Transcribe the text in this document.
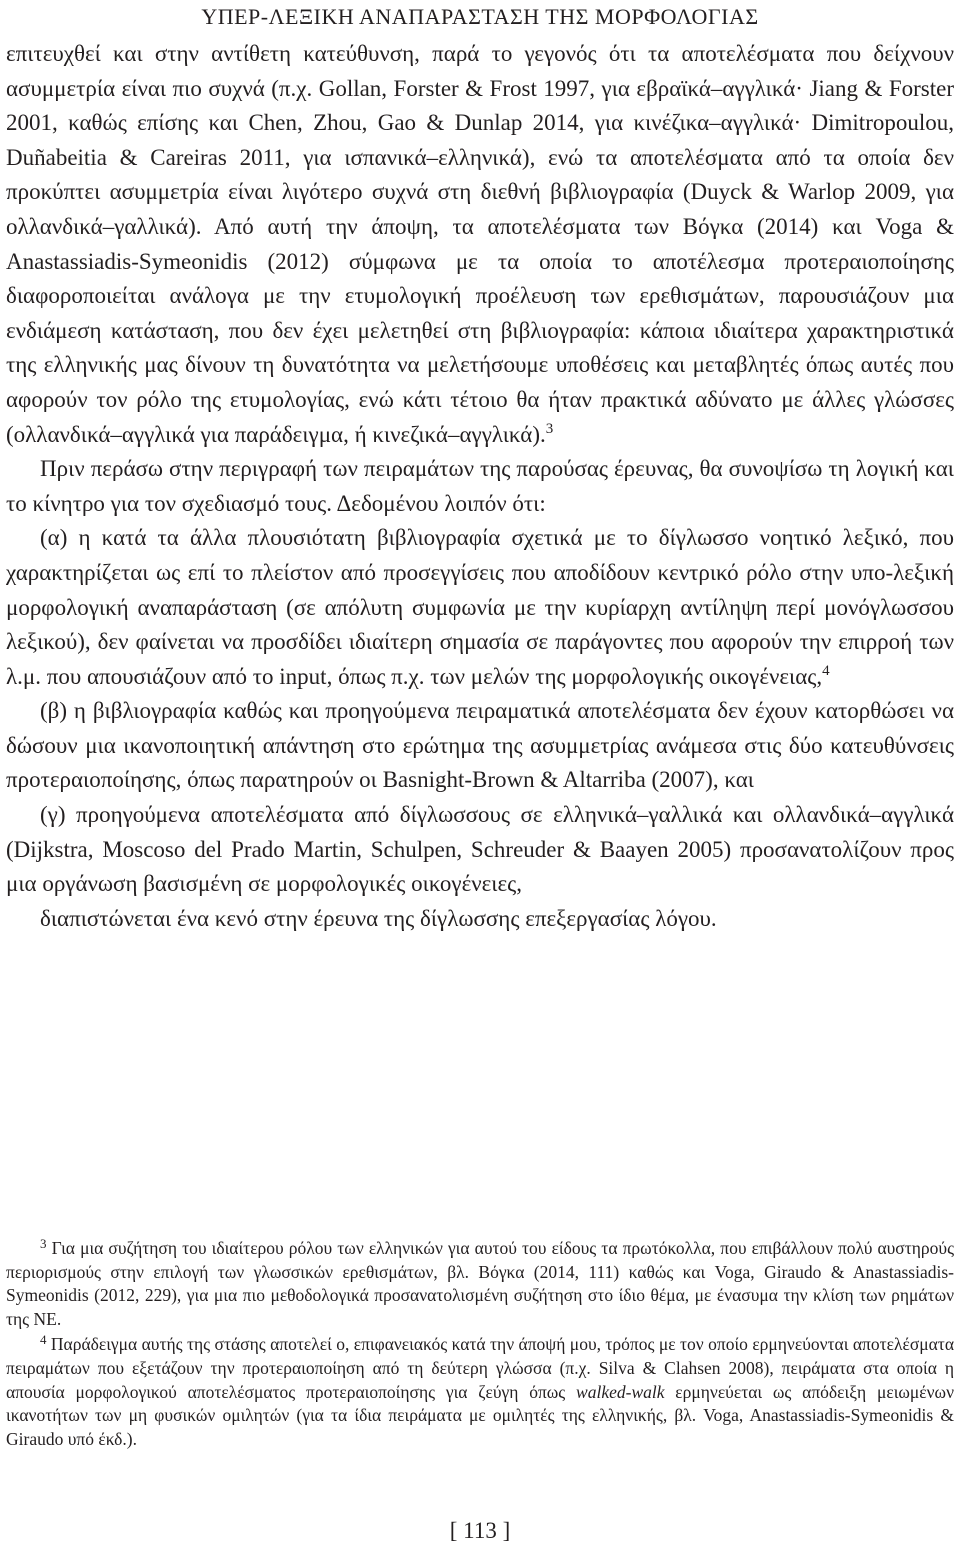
ΥΠΕΡ-ΛΕΞΙΚΗ ΑΝΑΠΑΡΑΣΤΑΣΗ ΤΗΣ ΜΟΡΦΟΛΟΓΙΑΣ

επιτευχθεί και στην αντίθετη κατεύθυνση, παρά το γεγονός ότι τα αποτελέσματα που δείχνουν ασυμμετρία είναι πιο συχνά (π.χ. Gollan, Forster & Frost 1997, για εβραϊκά–αγγλικά· Jiang & Forster 2001, καθώς επίσης και Chen, Zhou, Gao & Dunlap 2014, για κινέζικα–αγγλικά· Dimitropoulou, Duñabeitia & Careiras 2011, για ισπανικά–ελληνικά), ενώ τα αποτελέσματα από τα οποία δεν προκύπτει ασυμμετρία είναι λιγότερο συχνά στη διεθνή βιβλιογραφία (Duyck & Warlop 2009, για ολλανδικά–γαλλικά). Από αυτή την άποψη, τα αποτελέσματα των Βόγκα (2014) και Voga & Anastassiadis-Symeonidis (2012) σύμφωνα με τα οποία το αποτέλεσμα προτεραιοποίησης διαφοροποιείται ανάλογα με την ετυμολογική προέλευση των ερεθισμάτων, παρουσιάζουν μια ενδιάμεση κατάσταση, που δεν έχει μελετηθεί στη βιβλιογραφία: κάποια ιδιαίτερα χαρακτηριστικά της ελληνικής μας δίνουν τη δυνατότητα να μελετήσουμε υποθέσεις και μεταβλητές όπως αυτές που αφορούν τον ρόλο της ετυμολογίας, ενώ κάτι τέτοιο θα ήταν πρακτικά αδύνατο με άλλες γλώσσες (ολλανδικά–αγγλικά για παράδειγμα, ή κινεζικά–αγγλικά).$^3$

Πριν περάσω στην περιγραφή των πειραμάτων της παρούσας έρευνας, θα συνοψίσω τη λογική και το κίνητρο για τον σχεδιασμό τους. Δεδομένου λοιπόν ότι:

(α) η κατά τα άλλα πλουσιότατη βιβλιογραφία σχετικά με το δίγλωσσο νοητικό λεξικό, που χαρακτηρίζεται ως επί το πλείστον από προσεγγίσεις που αποδίδουν κεντρικό ρόλο στην υπο-λεξική μορφολογική αναπαράσταση (σε απόλυτη συμφωνία με την κυρίαρχη αντίληψη περί μονόγλωσσου λεξικού), δεν φαίνεται να προσδίδει ιδιαίτερη σημασία σε παράγοντες που αφορούν την επιρροή των λ.μ. που απουσιάζουν από το input, όπως π.χ. των μελών της μορφολογικής οικογένειας,$^4$

(β) η βιβλιογραφία καθώς και προηγούμενα πειραματικά αποτελέσματα δεν έχουν κατορθώσει να δώσουν μια ικανοποιητική απάντηση στο ερώτημα της ασυμμετρίας ανάμεσα στις δύο κατευθύνσεις προτεραιοποίησης, όπως παρατηρούν οι Basnight-Brown & Altarriba (2007), και

(γ) προηγούμενα αποτελέσματα από δίγλωσσους σε ελληνικά–γαλλικά και ολλανδικά–αγγλικά (Dijkstra, Moscoso del Prado Martin, Schulpen, Schreuder & Baayen 2005) προσανατολίζουν προς μια οργάνωση βασισμένη σε μορφολογικές οικογένειες,

διαπιστώνεται ένα κενό στην έρευνα της δίγλωσσης επεξεργασίας λόγου.

$^3$ Για μια συζήτηση του ιδιαίτερου ρόλου των ελληνικών για αυτού του είδους τα πρωτόκολλα, που επιβάλλουν πολύ αυστηρούς περιορισμούς στην επιλογή των γλωσσικών ερεθισμάτων, βλ. Βόγκα (2014, 111) καθώς και Voga, Giraudo & Anastassiadis-Symeonidis (2012, 229), για μια πιο μεθοδολογικά προσανατολισμένη συζήτηση στο ίδιο θέμα, με ένασυμα την κλίση των ρημάτων της ΝΕ.

$^4$ Παράδειγμα αυτής της στάσης αποτελεί ο, επιφανειακός κατά την άποψή μου, τρόπος με τον οποίο ερμηνεύονται αποτελέσματα πειραμάτων που εξετάζουν την προτεραιοποίηση από τη δεύτερη γλώσσα (π.χ. Silva & Clahsen 2008), πειράματα στα οποία η απουσία μορφολογικού αποτελέσματος προτεραιοποίησης για ζεύγη όπως walked-walk ερμηνεύεται ως απόδειξη μειωμένων ικανοτήτων των μη φυσικών ομιλητών (για τα ίδια πειράματα με ομιλητές της ελληνικής, βλ. Voga, Anastassiadis-Symeonidis & Giraudo υπό έκδ.).

[ 113 ]
